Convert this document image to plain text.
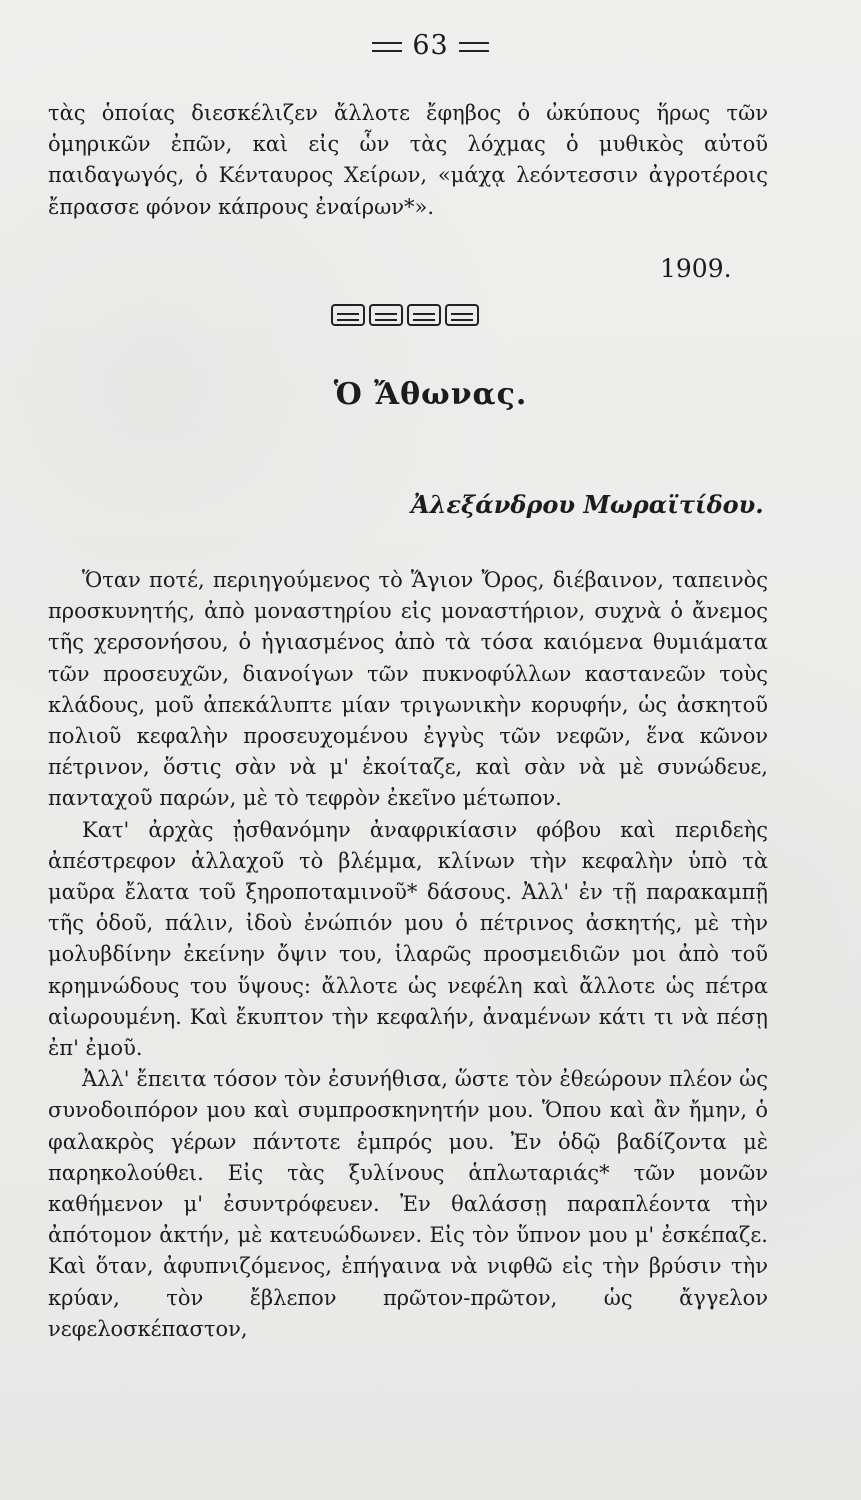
63

τὰς ὁποίας διεσκέλιζεν ἄλλοτε ἔφηβος ὁ ὠκύπους ἥρως τῶν ὁμηρικῶν ἐπῶν, καὶ εἰς ὧν τὰς λόχμας ὁ μυθικὸς αὐτοῦ παιδαγωγός, ὁ Κένταυρος Χείρων, «μάχᾳ λεόντεσσιν ἀγροτέροις ἔπρασσε φόνον κάπρους ἐναίρων*».

1909.
Ὁ Ἄθωνας.
Ἀλεξάνδρου Μωραϊτίδου.

Ὅταν ποτέ, περιηγούμενος τὸ Ἅγιον Ὄρος, διέβαινον, ταπεινὸς προσκυνητής, ἀπὸ μοναστηρίου εἰς μοναστήριον, συχνὰ ὁ ἄνεμος τῆς χερσονήσου, ὁ ἡγιασμένος ἀπὸ τὰ τόσα καιόμενα θυμιάματα τῶν προσευχῶν, διανοίγων τῶν πυκνοφύλλων καστανεῶν τοὺς κλάδους, μοῦ ἀπεκάλυπτε μίαν τριγωνικὴν κορυφήν, ὡς ἀσκητοῦ πολιοῦ κεφαλὴν προσευχομένου ἐγγὺς τῶν νεφῶν, ἕνα κῶνον πέτρινον, ὅστις σὰν νὰ μ' ἐκοίταζε, καὶ σὰν νὰ μὲ συνώδευε, πανταχοῦ παρών, μὲ τὸ τεφρὸν ἐκεῖνο μέτωπον.

Κατ' ἀρχὰς ᾐσθανόμην ἀναφρικίασιν φόβου καὶ περιδεὴς ἀπέστρεφον ἀλλαχοῦ τὸ βλέμμα, κλίνων τὴν κεφαλὴν ὑπὸ τὰ μαῦρα ἔλατα τοῦ ξηροποταμινοῦ* δάσους. Ἀλλ' ἐν τῇ παρακαμπῇ τῆς ὁδοῦ, πάλιν, ἰδοὺ ἐνώπιόν μου ὁ πέτρινος ἀσκητής, μὲ τὴν μολυβδίνην ἐκείνην ὄψιν του, ἱλαρῶς προσμειδιῶν μοι ἀπὸ τοῦ κρημνώδους του ὕψους: ἄλλοτε ὡς νεφέλη καὶ ἄλλοτε ὡς πέτρα αἰωρουμένη. Καὶ ἔκυπτον τὴν κεφαλήν, ἀναμένων κάτι τι νὰ πέσῃ ἐπ' ἐμοῦ.

Ἀλλ' ἔπειτα τόσον τὸν ἐσυνήθισα, ὥστε τὸν ἐθεώρουν πλέον ὡς συνοδοιπόρον μου καὶ συμπροσκηνητήν μου. Ὅπου καὶ ἂν ἤμην, ὁ φαλακρὸς γέρων πάντοτε ἐμπρός μου. Ἐν ὁδῷ βαδίζοντα μὲ παρηκολούθει. Εἰς τὰς ξυλίνους ἁπλωταριάς* τῶν μονῶν καθήμενον μ' ἐσυντρόφευεν. Ἐν θαλάσσῃ παραπλέοντα τὴν ἀπότομον ἀκτήν, μὲ κατευώδωνεν. Εἰς τὸν ὕπνον μου μ' ἐσκέπαζε. Καὶ ὅταν, ἀφυπνιζόμενος, ἐπήγαινα νὰ νιφθῶ εἰς τὴν βρύσιν τὴν κρύαν, τὸν ἔβλεπον πρῶτον-πρῶτον, ὡς ἄγγελον νεφελοσκέπαστον,
